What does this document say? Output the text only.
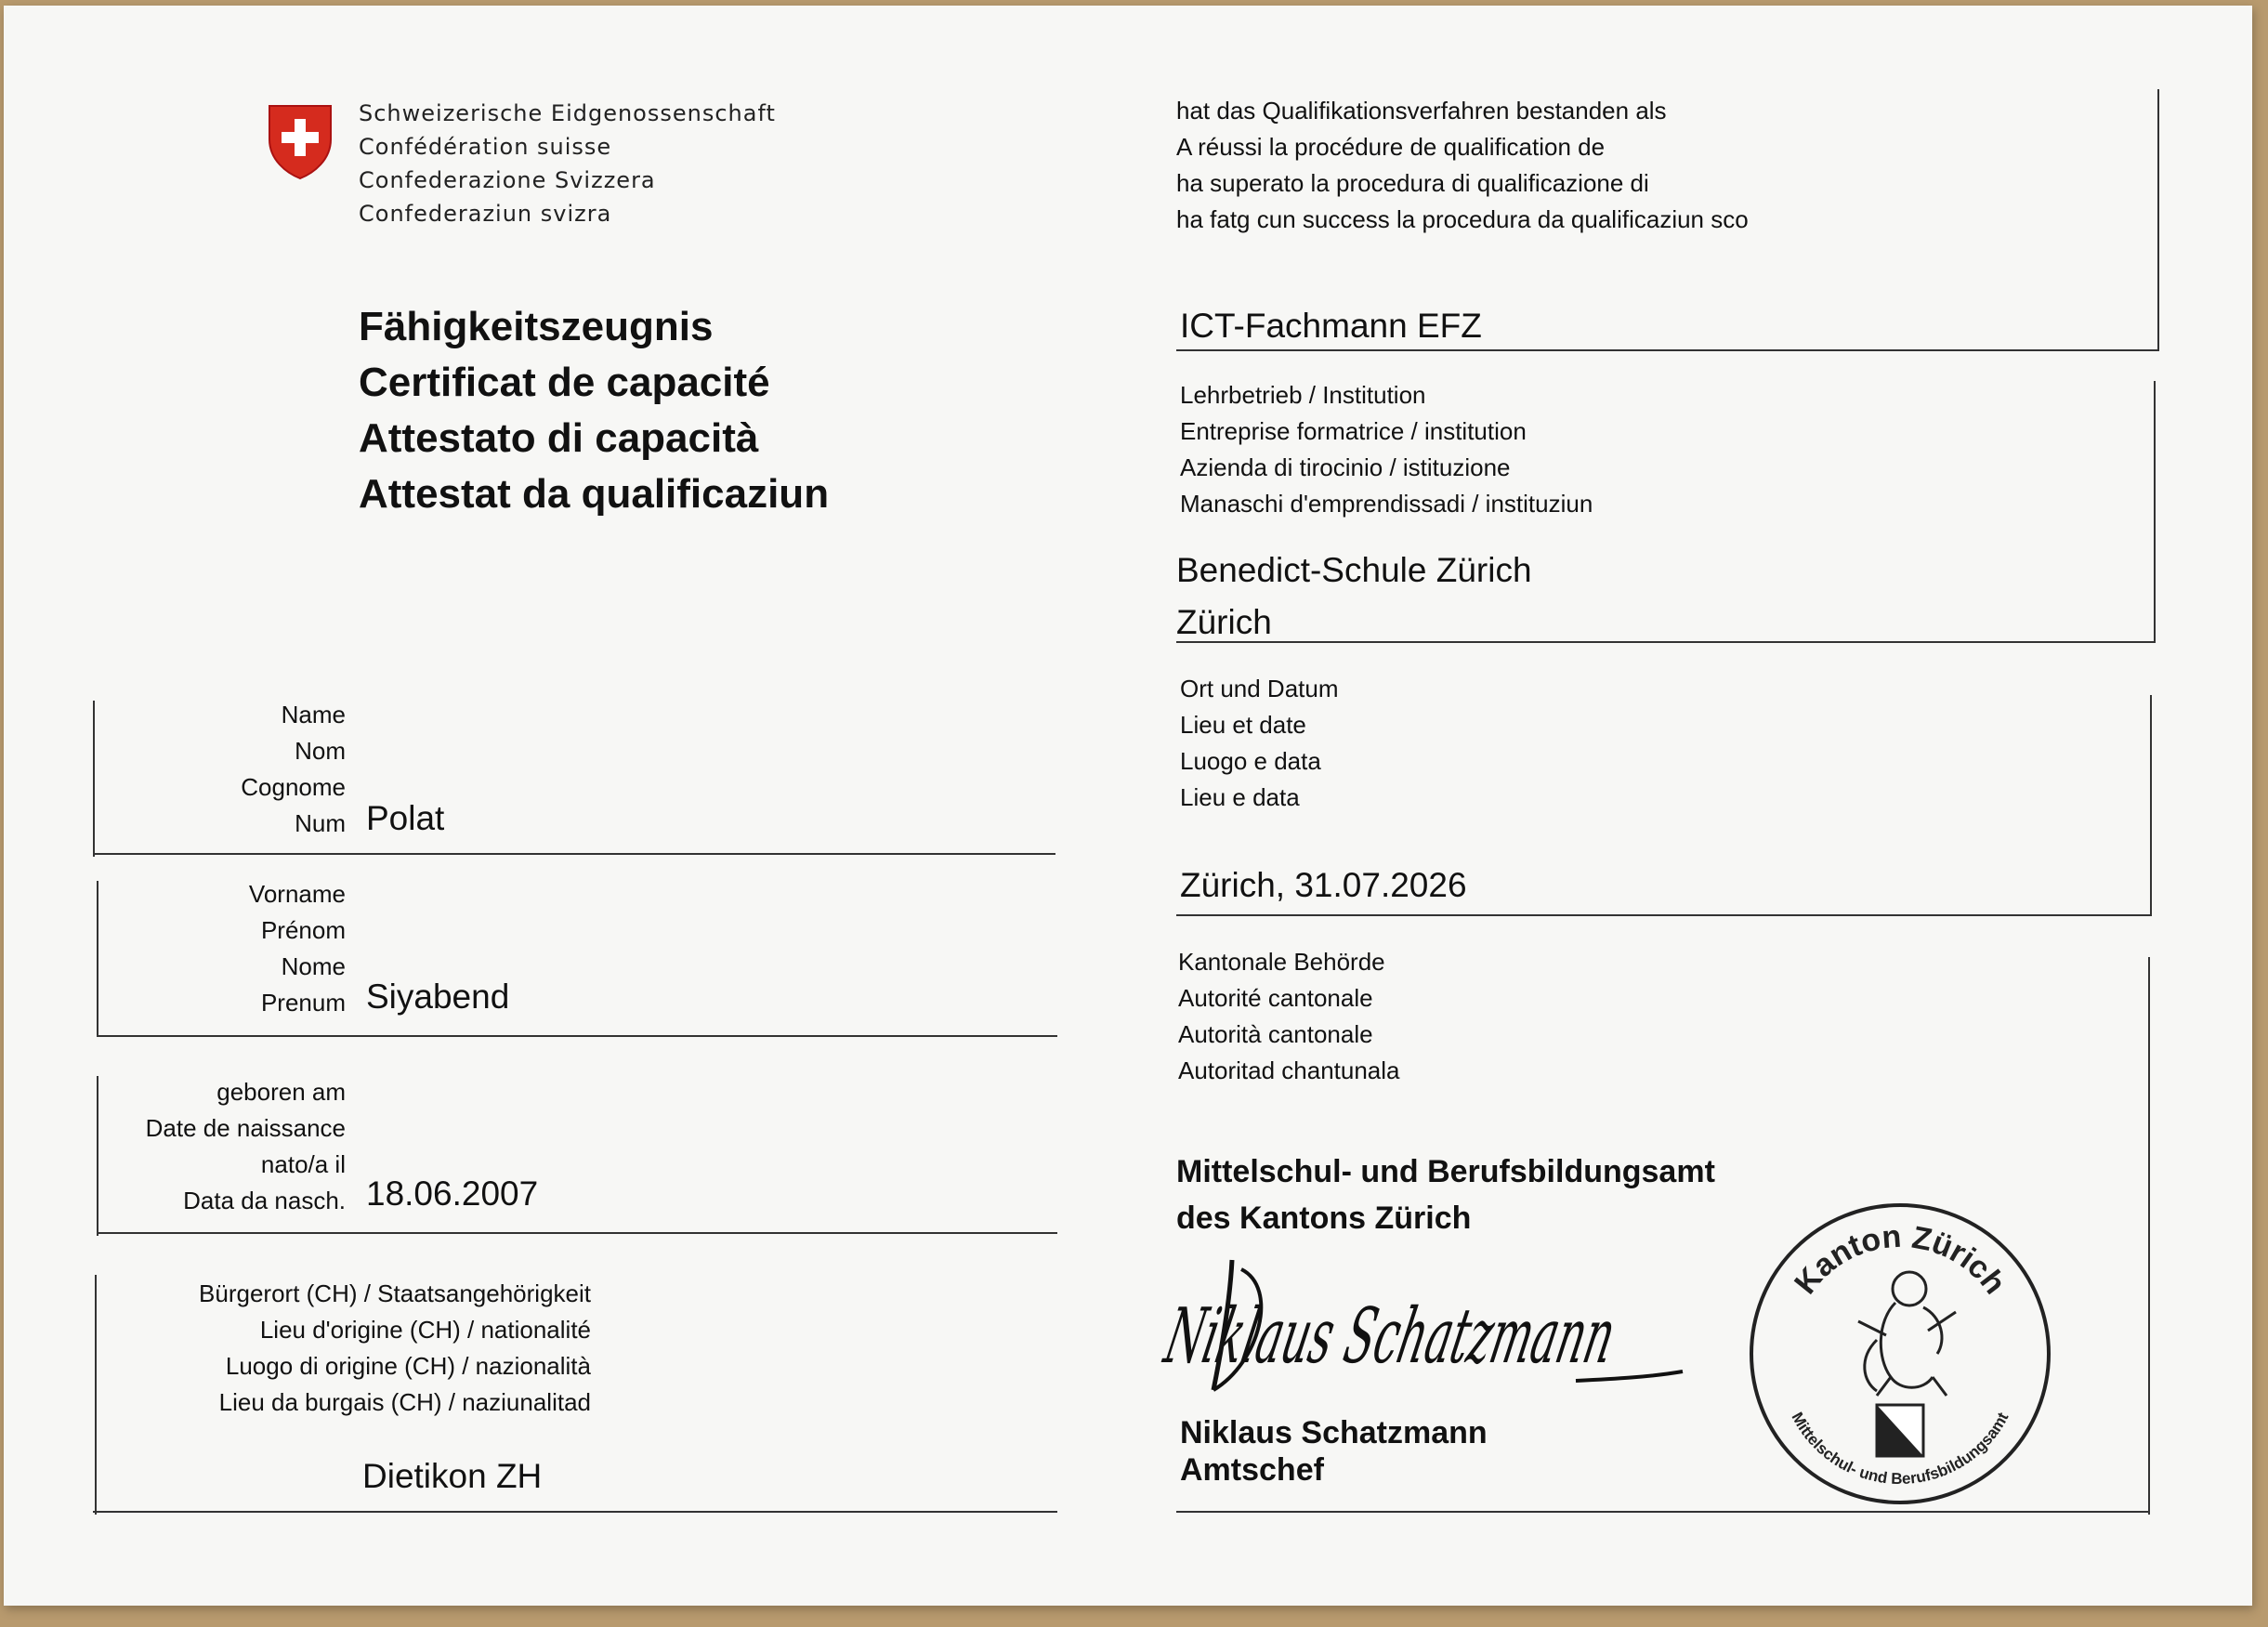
Schweizerische Eidgenossenschaft
Confédération suisse
Confederazione Svizzera
Confederaziun svizra
Fähigkeitszeugnis
Certificat de capacité
Attestato di capacità
Attestat da qualificaziun
Name
Nom
Cognome
Num Polat
Vorname
Prénom
Nome
Prenum Siyabend
geboren am
Date de naissance
nato/a il
Data da nasch. 18.06.2007
Bürgerort (CH) / Staatsangehörigkeit
Lieu d'origine (CH) / nationalité
Luogo di origine (CH) / nazionalità
Lieu da burgais (CH) / naziunalitad
Dietikon ZH
hat das Qualifikationsverfahren bestanden als
A réussi la procédure de qualification de
ha superato la procedura di qualificazione di
ha fatg cun success la procedura da qualificaziun sco
ICT-Fachmann EFZ
Lehrbetrieb / Institution
Entreprise formatrice / institution
Azienda di tirocinio / istituzione
Manaschi d'emprendissadi / instituziun
Benedict-Schule Zürich
Zürich
Ort und Datum
Lieu et date
Luogo e data
Lieu e data
Zürich, 31.07.2026
Kantonale Behörde
Autorité cantonale
Autorità cantonale
Autoritad chantunala
Mittelschul- und Berufsbildungsamt
des Kantons Zürich
Niklaus Schatzmann
Niklaus Schatzmann
Amtschef
Kanton Zürich
Mittelschul- und Berufsbildungsamt
